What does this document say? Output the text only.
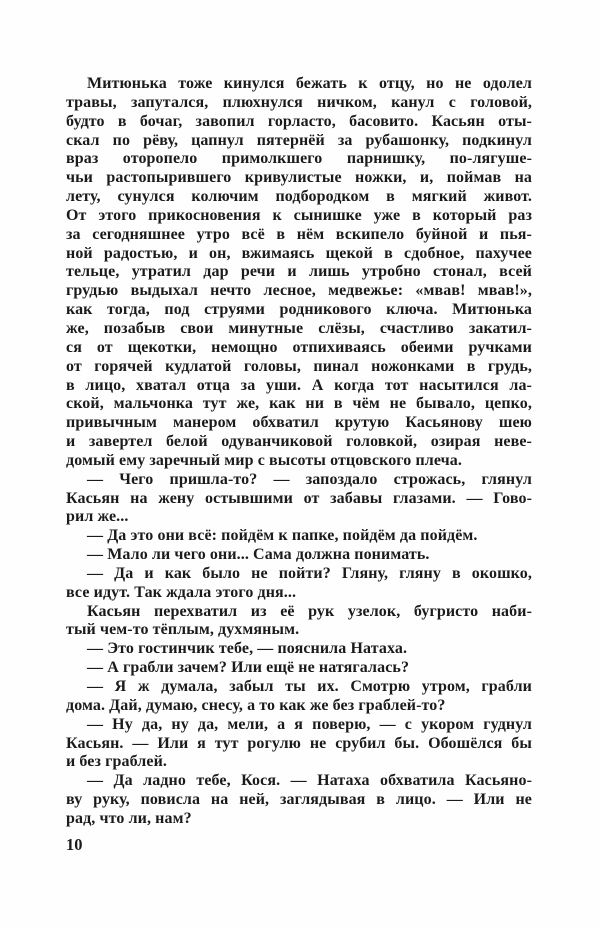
Митюнька тоже кинулся бежать к отцу, но не одолел
травы, запутался, плюхнулся ничком, канул с головой,
будто в бочаг, завопил горласто, басовито. Касьян оты-
скал по рёву, цапнул пятернёй за рубашонку, подкинул
враз оторопело примолкшего парнишку, по-лягуше-
чьи растопырившего кривулистые ножки, и, поймав на
лету, сунулся колючим подбородком в мягкий живот.
От этого прикосновения к сынишке уже в который раз
за сегодняшнее утро всё в нём вскипело буйной и пья-
ной радостью, и он, вжимаясь щекой в сдобное, пахучее
тельце, утратил дар речи и лишь утробно стонал, всей
грудью выдыхал нечто лесное, медвежье: «мвав! мвав!»,
как тогда, под струями родникового ключа. Митюнька
же, позабыв свои минутные слёзы, счастливо закатил-
ся от щекотки, немощно отпихиваясь обеими ручками
от горячей кудлатой головы, пинал ножонками в грудь,
в лицо, хватал отца за уши. А когда тот насытился ла-
ской, мальчонка тут же, как ни в чём не бывало, цепко,
привычным манером обхватил крутую Касьянову шею
и завертел белой одуванчиковой головкой, озирая неве-
домый ему заречный мир с высоты отцовского плеча.
— Чего пришла-то? — запоздало строжась, глянул
Касьян на жену остывшими от забавы глазами. — Гово-
рил же...
— Да это они всё: пойдём к папке, пойдём да пойдём.
— Мало ли чего они... Сама должна понимать.
— Да и как было не пойти? Гляну, гляну в окошко,
все идут. Так ждала этого дня...
Касьян перехватил из её рук узелок, бугристо наби-
тый чем-то тёплым, духмяным.
— Это гостинчик тебе, — пояснила Натаха.
— А грабли зачем? Или ещё не натягалась?
— Я ж думала, забыл ты их. Смотрю утром, грабли
дома. Дай, думаю, снесу, а то как же без граблей-то?
— Ну да, ну да, мели, а я поверю, — с укором гуднул
Касьян. — Или я тут рогулю не срубил бы. Обошёлся бы
и без граблей.
— Да ладно тебе, Кося. — Натаха обхватила Касьяно-
ву руку, повисла на ней, заглядывая в лицо. — Или не
рад, что ли, нам?
10
